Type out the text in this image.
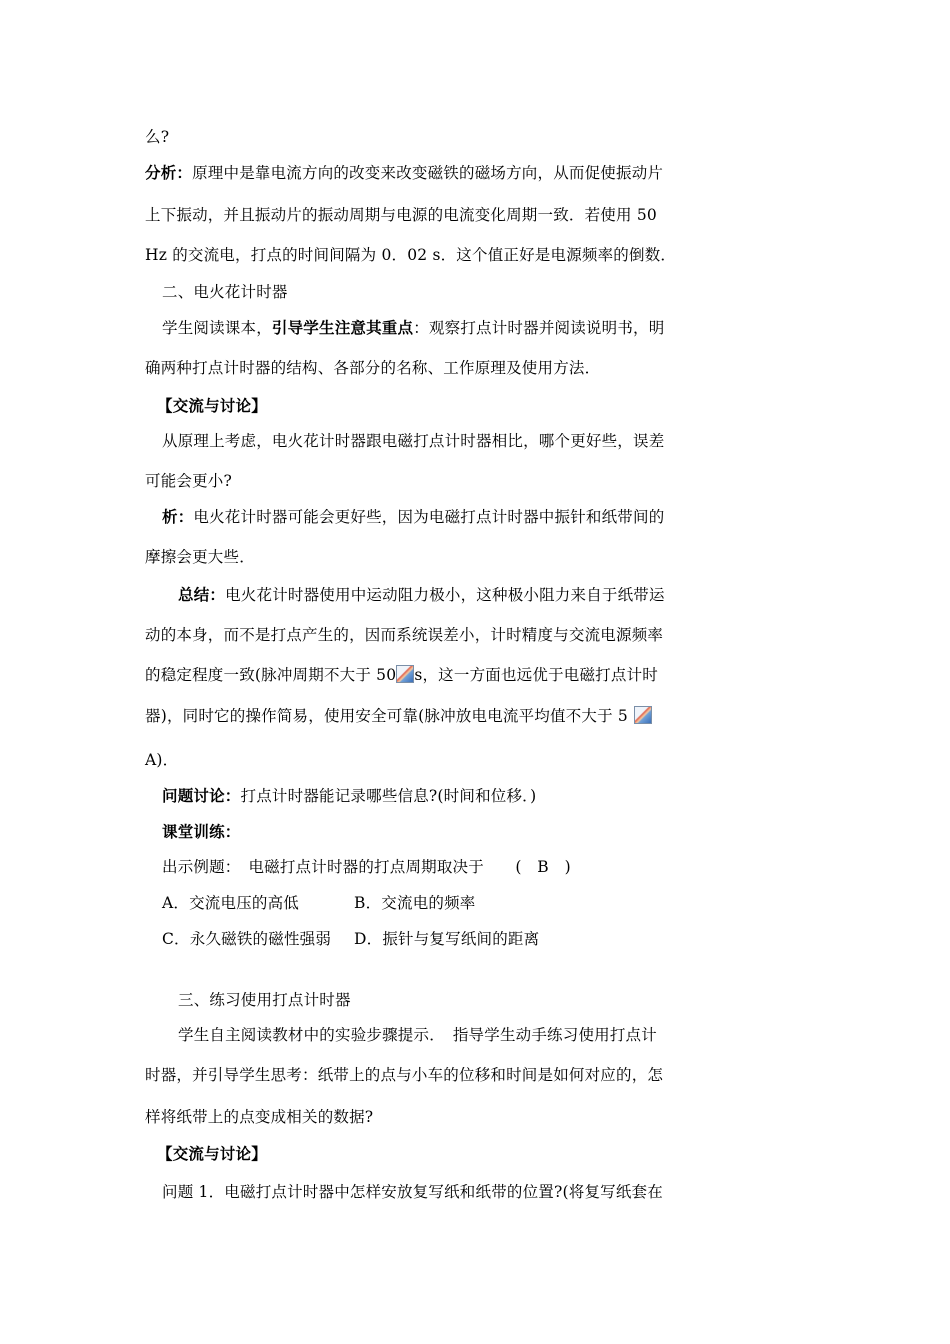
么?
分析：原理中是靠电流方向的改变来改变磁铁的磁场方向，从而促使振动片
上下振动，并且振动片的振动周期与电源的电流变化周期一致．若使用 50
Hz 的交流电，打点的时间间隔为 0．02 s．这个值正好是电源频率的倒数．
二、电火花计时器
学生阅读课本，引导学生注意其重点：观察打点计时器并阅读说明书，明
确两种打点计时器的结构、各部分的名称、工作原理及使用方法．
【交流与讨论】
从原理上考虑，电火花计时器跟电磁打点计时器相比，哪个更好些，误差
可能会更小?
析：电火花计时器可能会更好些，因为电磁打点计时器中振针和纸带间的
摩擦会更大些．
总结：电火花计时器使用中运动阻力极小，这种极小阻力来自于纸带运
动的本身，而不是打点产生的，因而系统误差小，计时精度与交流电源频率
的稳定程度一致(脉冲周期不大于 50 s，这一方面也远优于电磁打点计时
器)，同时它的操作简易，使用安全可靠(脉冲放电电流平均值不大于 5
A)．
问题讨论：打点计时器能记录哪些信息?(时间和位移．)
课堂训练：
出示例题：　电磁打点计时器的打点周期取决于　　(　B　)
A．交流电压的高低	B．交流电的频率
C．永久磁铁的磁性强弱 D．振针与复写纸间的距离
三、练习使用打点计时器
学生自主阅读教材中的实验步骤提示．　指导学生动手练习使用打点计
时器，并引导学生思考：纸带上的点与小车的位移和时间是如何对应的，怎
样将纸带上的点变成相关的数据?
【交流与讨论】
问题 1．电磁打点计时器中怎样安放复写纸和纸带的位置?(将复写纸套在
